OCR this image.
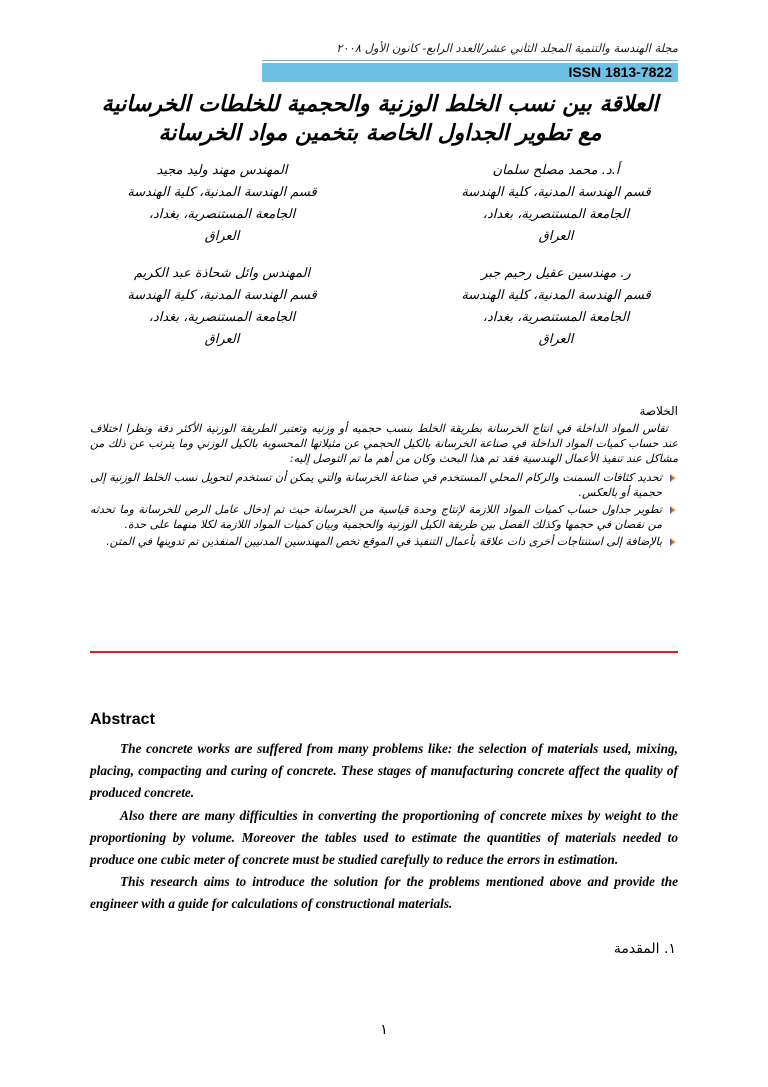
مجلة الهندسة والتنمية المجلد الثاني عشر/العدد الرابع- كانون الأول ٢٠٠٨
ISSN 1813-7822
العلاقة بين نسب الخلط الوزنية والحجمية للخلطات الخرسانية
مع تطوير الجداول الخاصة بتخمين مواد الخرسانة
أ.د. محمد مصلح سلمان
قسم الهندسة المدنية، كلية الهندسة
الجامعة المستنصرية، بغداد،
العراق
المهندس مهند وليد مجيد
قسم الهندسة المدنية، كلية الهندسة
الجامعة المستنصرية، بغداد،
العراق
ر. مهندسين عقيل رحيم جبر
قسم الهندسة المدنية، كلية الهندسة
الجامعة المستنصرية، بغداد،
العراق
المهندس وائل شحاذة عبد الكريم
قسم الهندسة المدنية، كلية الهندسة
الجامعة المستنصرية، بغداد،
العراق
الخلاصة

تقاس المواد الداخلة في انتاج الخرسانة بطريقة الخلط بنسب حجميه أو وزنيه وتعتبر الطريقة الوزنية الأكثر دقة ونظرا اختلاف عند حساب كميات المواد الداخلة في صناعة الخرسانة بالكيل الحجمي عن مثيلاتها المحسوبة بالكيل الوزني وما يترتب عن ذلك من مشاكل عند تنفيذ الأعمال الهندسية فقد تم هذا البحث وكان من أهم ما تم التوصل إليه:

تحديد كثافات السمنت والركام المحلي المستخدم في صناعة الخرسانة والتي يمكن أن تستخدم لتحويل نسب الخلط الوزنية إلى حجمية أو بالعكس.
تطوير جداول حساب كميات المواد اللازمة لإنتاج وحدة قياسية من الخرسانة حيث تم إدخال عامل الرص للخرسانة وما تحدثه من نقصان في حجمها وكذلك الفصل بين طريقة الكيل الوزنية والحجمية وبيان كميات المواد اللازمة لكلا منهما على حدة.
بالإضافة إلى استنتاجات أخرى ذات علاقة بأعمال التنفيذ في الموقع تخص المهندسين المدنيين المنفذين تم تدوينها في المتن.
Abstract

The concrete works are suffered from many problems like: the selection of materials used, mixing, placing, compacting and curing of concrete. These stages of manufacturing concrete affect the quality of produced concrete.

Also there are many difficulties in converting the proportioning of concrete mixes by weight to the proportioning by volume. Moreover the tables used to estimate the quantities of materials needed to produce one cubic meter of concrete must be studied carefully to reduce the errors in estimation.

This research aims to introduce the solution for the problems mentioned above and provide the engineer with a guide for calculations of constructional materials.

١. المقدمة
١
